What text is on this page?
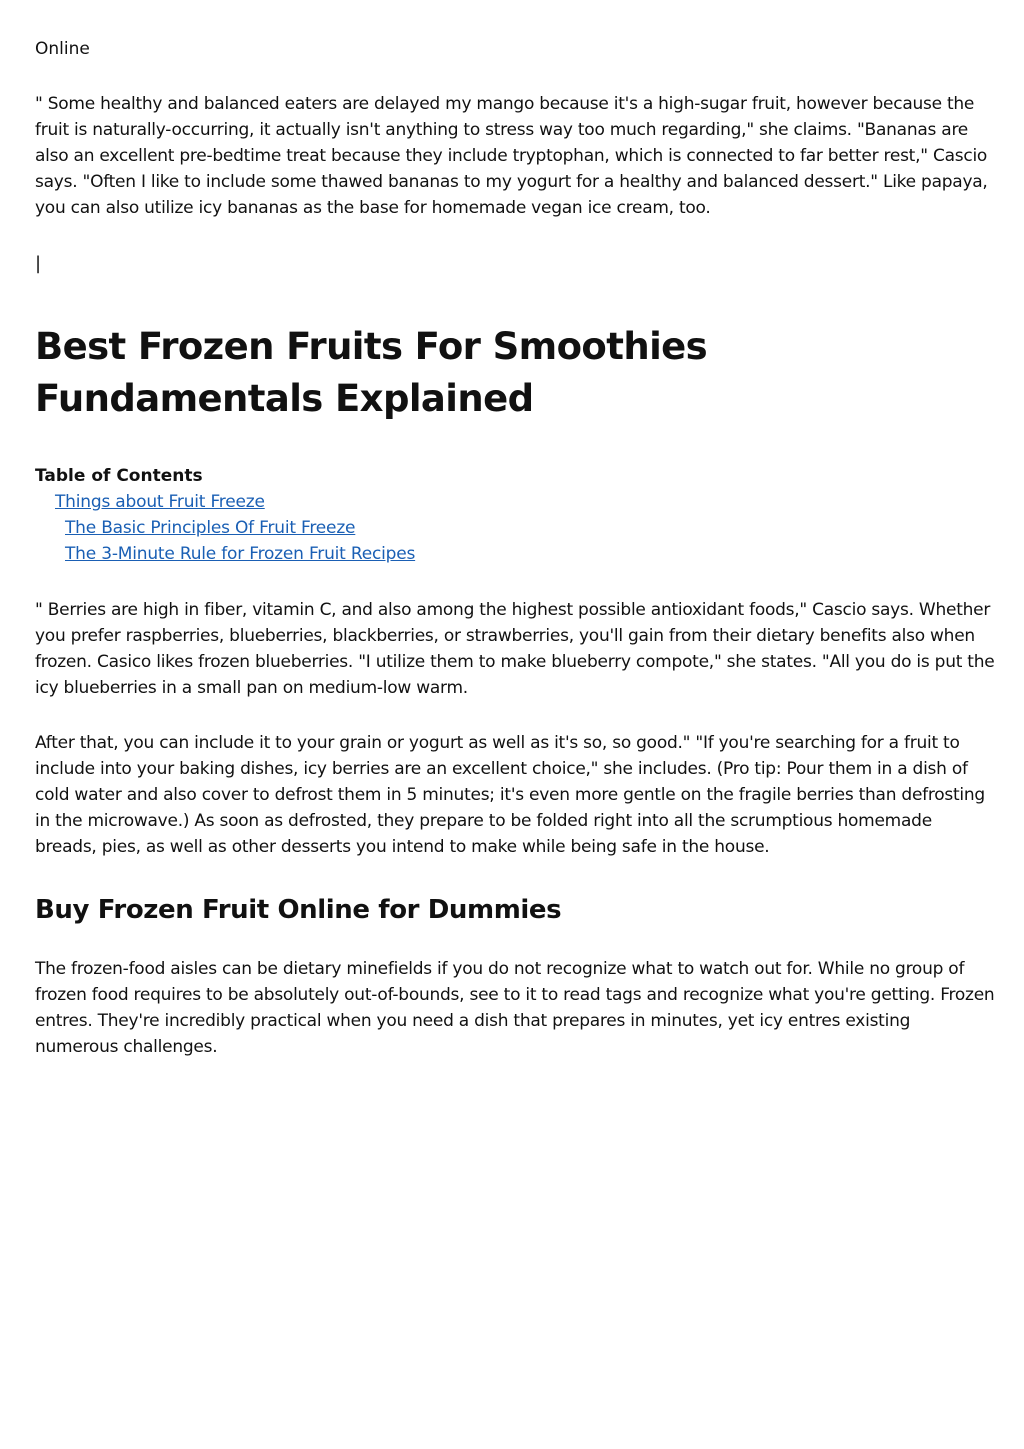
Online

" Some healthy and balanced eaters are delayed my mango because it's a high-sugar fruit, however because the fruit is naturally-occurring, it actually isn't anything to stress way too much regarding," she claims. "Bananas are also an excellent pre-bedtime treat because they include tryptophan, which is connected to far better rest," Cascio says. "Often I like to include some thawed bananas to my yogurt for a healthy and balanced dessert." Like papaya, you can also utilize icy bananas as the base for homemade vegan ice cream, too.

|
Best Frozen Fruits For Smoothies Fundamentals Explained
Table of Contents
Things about Fruit Freeze
The Basic Principles Of Fruit Freeze
The 3-Minute Rule for Frozen Fruit Recipes

" Berries are high in fiber, vitamin C, and also among the highest possible antioxidant foods," Cascio says. Whether you prefer raspberries, blueberries, blackberries, or strawberries, you'll gain from their dietary benefits also when frozen. Casico likes frozen blueberries. "I utilize them to make blueberry compote," she states. "All you do is put the icy blueberries in a small pan on medium-low warm.

After that, you can include it to your grain or yogurt as well as it's so, so good." "If you're searching for a fruit to include into your baking dishes, icy berries are an excellent choice," she includes. (Pro tip: Pour them in a dish of cold water and also cover to defrost them in 5 minutes; it's even more gentle on the fragile berries than defrosting in the microwave.) As soon as defrosted, they prepare to be folded right into all the scrumptious homemade breads, pies, as well as other desserts you intend to make while being safe in the house.

Buy Frozen Fruit Online for Dummies

The frozen-food aisles can be dietary minefields if you do not recognize what to watch out for. While no group of frozen food requires to be absolutely out-of-bounds, see to it to read tags and recognize what you're getting. Frozen entres. They're incredibly practical when you need a dish that prepares in minutes, yet icy entres existing numerous challenges.
